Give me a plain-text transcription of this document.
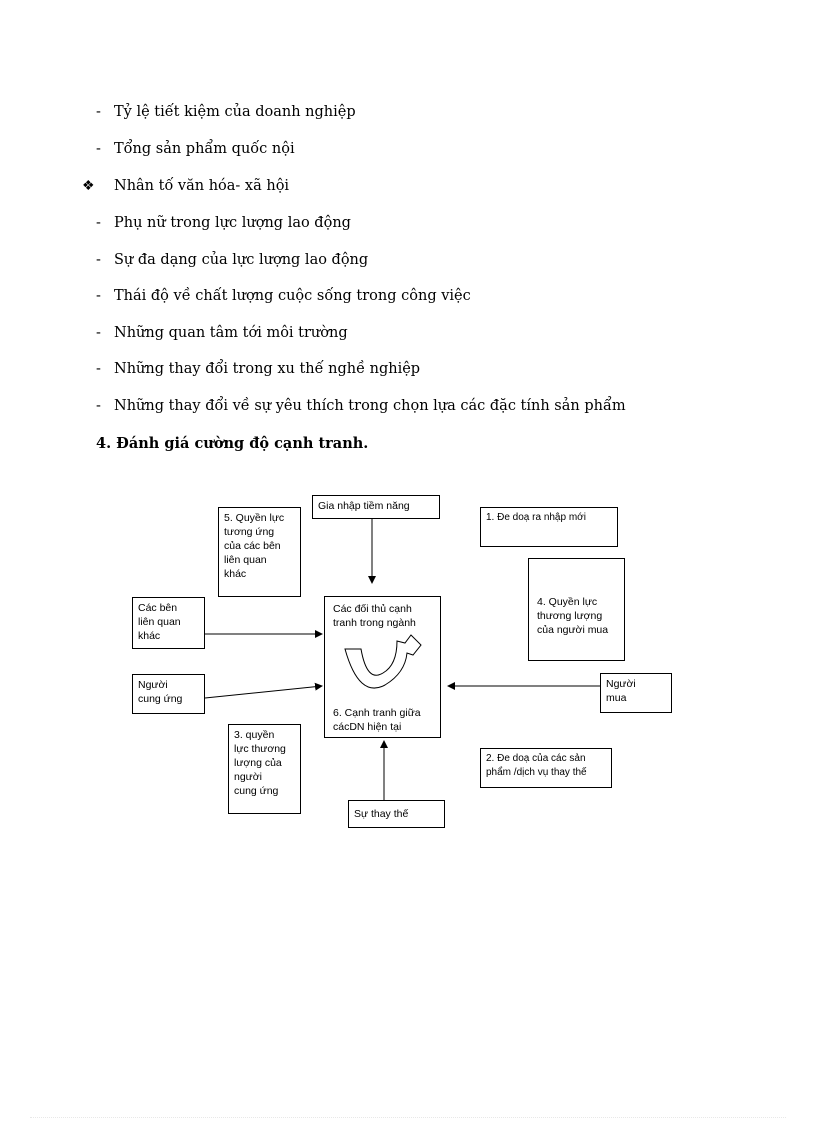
- Tỷ lệ tiết kiệm của doanh nghiệp
- Tổng sản phẩm quốc nội
❖ Nhân tố văn hóa- xã hội
- Phụ nữ trong lực lượng lao động
- Sự đa dạng của lực lượng lao động
- Thái độ về chất lượng cuộc sống trong công việc
- Những quan tâm tới môi trường
- Những thay đổi trong xu thế nghề nghiệp
- Những thay đổi về sự yêu thích trong chọn lựa các đặc tính sản phẩm
4. Đánh giá cường độ cạnh tranh.
Gia nhập tiềm năng
5. Quyền lực
tương ứng
của các bên
liên quan
khác
1. Đe doạ ra nhập mới
Các bên
liên quan
khác

Các đối thủ cạnh
tranh trong ngành

6. Cạnh tranh giữa
cácDN hiện tại

4. Quyền lực
thương lượng
của người mua
Người
cung ứng
Người
mua
3. quyền
lực thương
lượng của
người
cung ứng
2. Đe doạ của các sản
phẩm /dịch vụ thay thế
Sự thay thế
